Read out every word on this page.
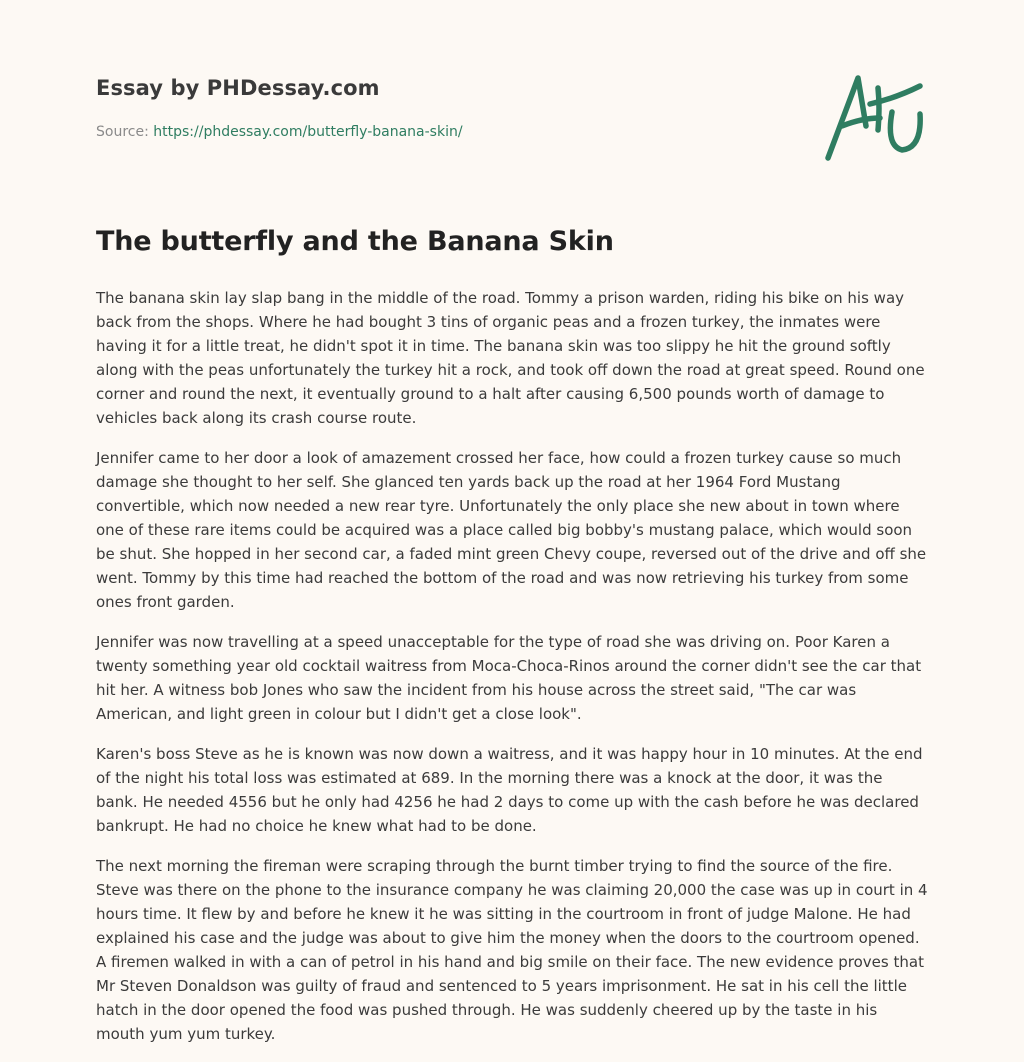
Essay by PHDessay.com
Source: https://phdessay.com/butterfly-banana-skin/
The butterfly and the Banana Skin

The banana skin lay slap bang in the middle of the road. Tommy a prison warden, riding his bike on his way back from the shops. Where he had bought 3 tins of organic peas and a frozen turkey, the inmates were having it for a little treat, he didn't spot it in time. The banana skin was too slippy he hit the ground softly along with the peas unfortunately the turkey hit a rock, and took off down the road at great speed. Round one corner and round the next, it eventually ground to a halt after causing 6,500 pounds worth of damage to vehicles back along its crash course route.

Jennifer came to her door a look of amazement crossed her face, how could a frozen turkey cause so much damage she thought to her self. She glanced ten yards back up the road at her 1964 Ford Mustang convertible, which now needed a new rear tyre. Unfortunately the only place she new about in town where one of these rare items could be acquired was a place called big bobby's mustang palace, which would soon be shut. She hopped in her second car, a faded mint green Chevy coupe, reversed out of the drive and off she went. Tommy by this time had reached the bottom of the road and was now retrieving his turkey from some ones front garden.

Jennifer was now travelling at a speed unacceptable for the type of road she was driving on. Poor Karen a twenty something year old cocktail waitress from Moca-Choca-Rinos around the corner didn't see the car that hit her. A witness bob Jones who saw the incident from his house across the street said, "The car was American, and light green in colour but I didn't get a close look".

Karen's boss Steve as he is known was now down a waitress, and it was happy hour in 10 minutes. At the end of the night his total loss was estimated at 689. In the morning there was a knock at the door, it was the bank. He needed 4556 but he only had 4256 he had 2 days to come up with the cash before he was declared bankrupt. He had no choice he knew what had to be done.

The next morning the fireman were scraping through the burnt timber trying to find the source of the fire. Steve was there on the phone to the insurance company he was claiming 20,000 the case was up in court in 4 hours time. It flew by and before he knew it he was sitting in the courtroom in front of judge Malone. He had explained his case and the judge was about to give him the money when the doors to the courtroom opened. A firemen walked in with a can of petrol in his hand and big smile on their face. The new evidence proves that Mr Steven Donaldson was guilty of fraud and sentenced to 5 years imprisonment. He sat in his cell the little hatch in the door opened the food was pushed through. He was suddenly cheered up by the taste in his mouth yum yum turkey.
